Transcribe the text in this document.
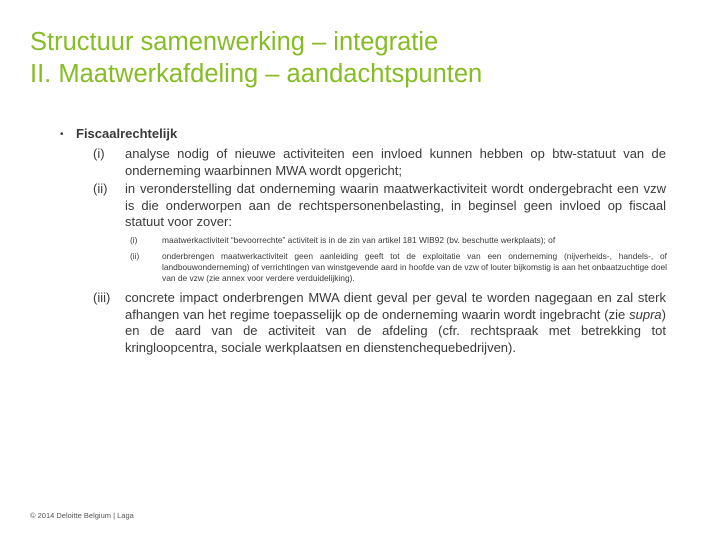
Structuur samenwerking – integratie
II. Maatwerkafdeling – aandachtspunten
• Fiscaalrechtelijk
(i) analyse nodig of nieuwe activiteiten een invloed kunnen hebben op btw-statuut van de onderneming waarbinnen MWA wordt opgericht;
(ii) in veronderstelling dat onderneming waarin maatwerkactiviteit wordt ondergebracht een vzw is die onderworpen aan de rechtspersonenbelasting, in beginsel geen invloed op fiscaal statuut voor zover:
(i)	maatwerkactiviteit “bevoorrechte” activiteit is in de zin van artikel 181 WIB92 (bv. beschutte werkplaats); of
(ii)	onderbrengen maatwerkactiviteit geen aanleiding geeft tot de exploitatie van een onderneming (nijverheids-, handels-, of landbouwonderneming) of verrichtingen van winstgevende aard in hoofde van de vzw of louter bijkomstig is aan het onbaatzuchtige doel van de vzw (zie annex voor verdere verduidelijking).
(iii) concrete impact onderbrengen MWA dient geval per geval te worden nagegaan en zal sterk afhangen van het regime toepasselijk op de onderneming waarin wordt ingebracht (zie supra) en de aard van de activiteit van de afdeling (cfr. rechtspraak met betrekking tot kringloopcentra, sociale werkplaatsen en dienstenchequebedrijven).
© 2014 Deloitte Belgium | Laga
